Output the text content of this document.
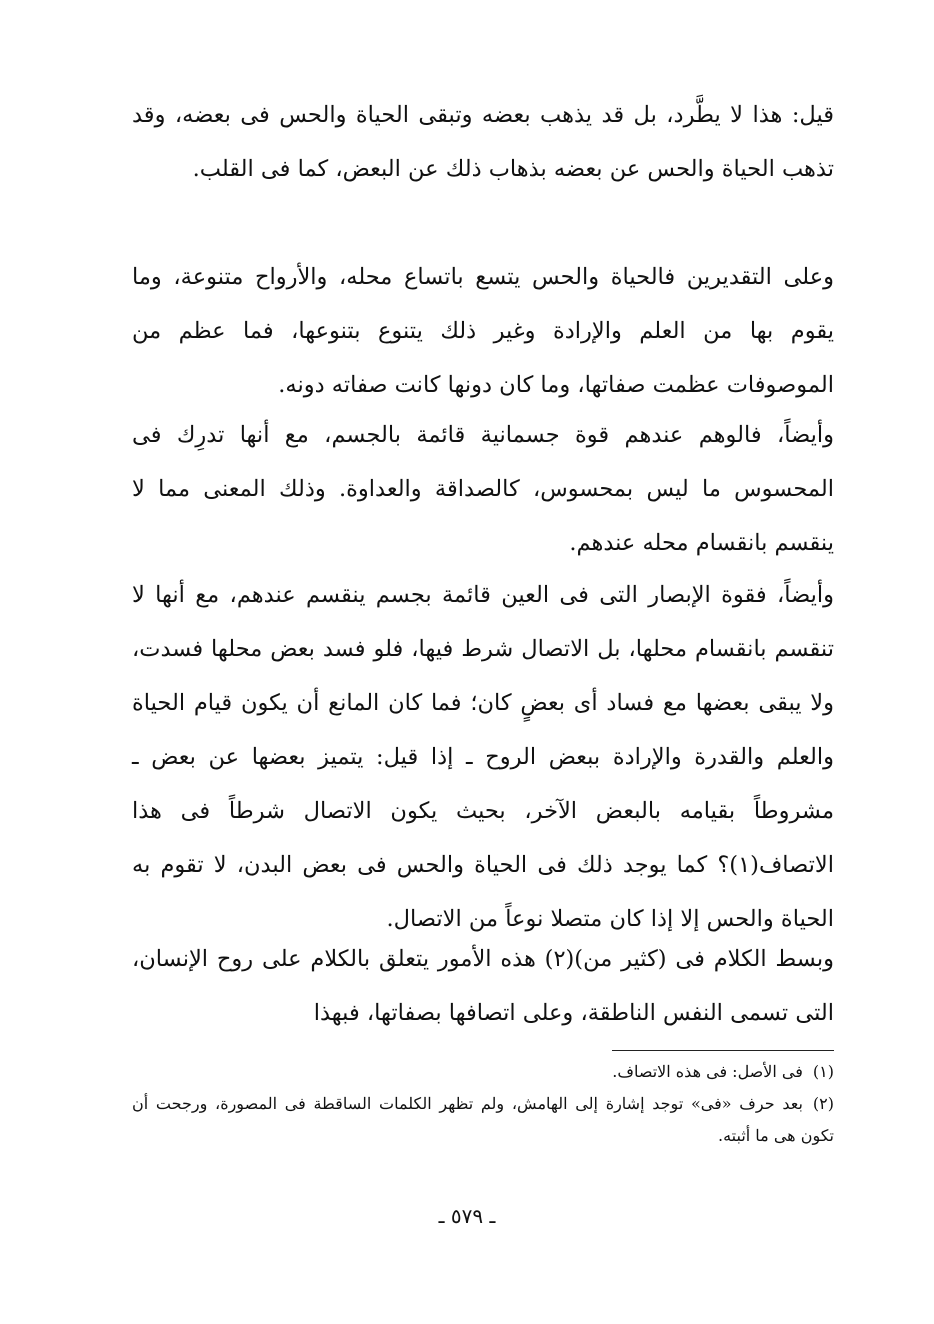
قيل: هذا لا يطَّرد، بل قد يذهب بعضه وتبقى الحياة والحس فى بعضه، وقد تذهب الحياة والحس عن بعضه بذهاب ذلك عن البعض، كما فى القلب.

وعلى التقديرين فالحياة والحس يتسع باتساع محله، والأرواح متنوعة، وما يقوم بها من العلم والإرادة وغير ذلك يتنوع بتنوعها، فما عظم من الموصوفات عظمت صفاتها، وما كان دونها كانت صفاته دونه.

وأيضاً، فالوهم عندهم قوة جسمانية قائمة بالجسم، مع أنها تدرِك فى المحسوس ما ليس بمحسوس، كالصداقة والعداوة. وذلك المعنى مما لا ينقسم بانقسام محله عندهم.

وأيضاً، فقوة الإبصار التى فى العين قائمة بجسم ينقسم عندهم، مع أنها لا تنقسم بانقسام محلها، بل الاتصال شرط فيها، فلو فسد بعض محلها فسدت، ولا يبقى بعضها مع فساد أى بعضٍ كان؛ فما كان المانع أن يكون قيام الحياة والعلم والقدرة والإرادة ببعض الروح ـ إذا قيل: يتميز بعضها عن بعض ـ مشروطاً بقيامه بالبعض الآخر، بحيث يكون الاتصال شرطاً فى هذا الاتصاف(١)؟ كما يوجد ذلك فى الحياة والحس فى بعض البدن، لا تقوم به الحياة والحس إلا إذا كان متصلا نوعاً من الاتصال.

وبسط الكلام فى (كثير من)(٢) هذه الأمور يتعلق بالكلام على روح الإنسان، التى تسمى النفس الناطقة، وعلى اتصافها بصفاتها، فبهذا

(١)فى الأصل: فى هذه الاتصاف.

(٢)بعد حرف «فى» توجد إشارة إلى الهامش، ولم تظهر الكلمات الساقطة فى المصورة، ورجحت أن تكون هى ما أثبته.

ـ ٥٧٩ ـ
